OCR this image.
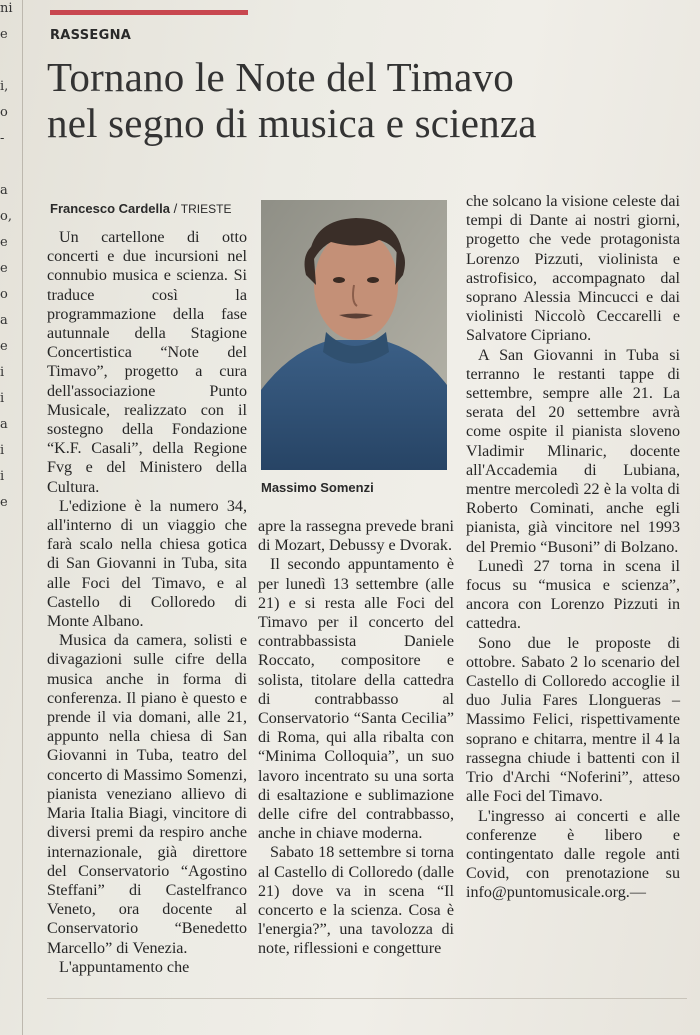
ni
e
i,
o
-
a
o,
e
e
o
a
e
i
i
a
i
i
e
RASSEGNA
Tornano le Note del Timavo
nel segno di musica e scienza
Francesco Cardella / TRIESTE

Un cartellone di otto concerti e due incursioni nel connubio musica e scienza. Si traduce così la programmazione della fase autunnale della Stagione Concertistica “Note del Timavo”, progetto a cura dell'associazione Punto Musicale, realizzato con il sostegno della Fondazione “K.F. Casali”, della Regione Fvg e del Ministero della Cultura.

L'edizione è la numero 34, all'interno di un viaggio che farà scalo nella chiesa gotica di San Giovanni in Tuba, sita alle Foci del Timavo, e al Castello di Colloredo di Monte Albano.

Musica da camera, solisti e divagazioni sulle cifre della musica anche in forma di conferenza. Il piano è questo e prende il via domani, alle 21, appunto nella chiesa di San Giovanni in Tuba, teatro del concerto di Massimo Somenzi, pianista veneziano allievo di Maria Italia Biagi, vincitore di diversi premi da respiro anche internazionale, già direttore del Conservatorio “Agostino Steffani” di Castelfranco Veneto, ora docente al Conservatorio “Benedetto Marcello” di Venezia.

L'appuntamento che

Massimo Somenzi

apre la rassegna prevede brani di Mozart, Debussy e Dvorak.

Il secondo appuntamento è per lunedì 13 settembre (alle 21) e si resta alle Foci del Timavo per il concerto del contrabbassista Daniele Roccato, compositore e solista, titolare della cattedra di contrabbasso al Conservatorio “Santa Cecilia” di Roma, qui alla ribalta con “Minima Colloquia”, un suo lavoro incentrato su una sorta di esaltazione e sublimazione delle cifre del contrabbasso, anche in chiave moderna.

Sabato 18 settembre si torna al Castello di Colloredo (dalle 21) dove va in scena “Il concerto e la scienza. Cosa è l'energia?”, una tavolozza di note, riflessioni e congetture

che solcano la visione celeste dai tempi di Dante ai nostri giorni, progetto che vede protagonista Lorenzo Pizzuti, violinista e astrofisico, accompagnato dal soprano Alessia Mincucci e dai violinisti Niccolò Ceccarelli e Salvatore Cipriano.

A San Giovanni in Tuba si terranno le restanti tappe di settembre, sempre alle 21. La serata del 20 settembre avrà come ospite il pianista sloveno Vladimir Mlinaric, docente all'Accademia di Lubiana, mentre mercoledì 22 è la volta di Roberto Cominati, anche egli pianista, già vincitore nel 1993 del Premio “Busoni” di Bolzano.

Lunedì 27 torna in scena il focus su “musica e scienza”, ancora con Lorenzo Pizzuti in cattedra.

Sono due le proposte di ottobre. Sabato 2 lo scenario del Castello di Colloredo accoglie il duo Julia Fares Llongueras – Massimo Felici, rispettivamente soprano e chitarra, mentre il 4 la rassegna chiude i battenti con il Trio d'Archi “Noferini”, atteso alle Foci del Timavo.

L'ingresso ai concerti e alle conferenze è libero e contingentato dalle regole anti Covid, con prenotazione su info@puntomusicale.org.—
